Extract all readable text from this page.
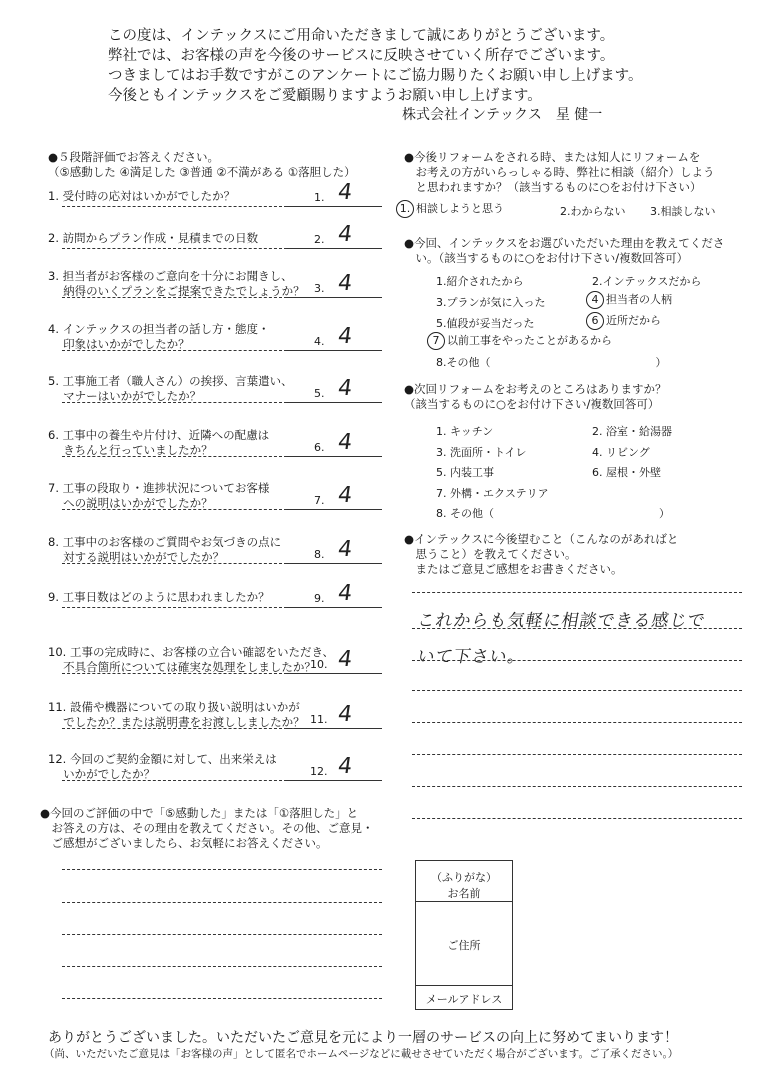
この度は、インテックスにご用命いただきまして誠にありがとうございます。
弊社では、お客様の声を今後のサービスに反映させていく所存でございます。
つきましてはお手数ですがこのアンケートにご協力賜りたくお願い申し上げます。
今後ともインテックスをご愛顧賜りますようお願い申し上げます。
株式会社インテックス　星 健一
●５段階評価でお答えください。
（⑤感動した ④満足した ③普通 ②不満がある ①落胆した）
1. 受付時の応対はいかがでしたか？	1. 4
2. 訪問からプラン作成・見積までの日数	2. 4
3. 担当者がお客様のご意向を十分にお聞きし、
　 納得のいくプランをご提案できたでしょうか？ 3. 4
4. インテックスの担当者の話し方・態度・
　 印象はいかがでしたか？	4. 4
5. 工事施工者（職人さん）の挨拶、言葉遣い、
　 マナーはいかがでしたか？	5. 4
6. 工事中の養生や片付け、近隣への配慮は
　 きちんと行っていましたか？	6. 4
7. 工事の段取り・進捗状況についてお客様
　 への説明はいかがでしたか？	7. 4
8. 工事中のお客様のご質問やお気づきの点に
　 対する説明はいかがでしたか？	8. 4
9. 工事日数はどのように思われましたか？	9. 4
10. 工事の完成時に、お客様の立合い確認をいただき、
　 不具合箇所については確実な処理をしましたか？
10. 4
11. 設備や機器についての取り扱い説明はいかが
　 でしたか？または説明書をお渡ししましたか？ 11. 4
12. 今回のご契約金額に対して、出来栄えは
　 いかがでしたか？	12. 4
●今回のご評価の中で「⑤感動した」または「①落胆した」と
　お答えの方は、その理由を教えてください。その他、ご意見・
　ご感想がございましたら、お気軽にお答えください。
●今後リフォームをされる時、または知人にリフォームを
　お考えの方がいらっしゃる時、弊社に相談（紹介）しよう
　と思われますか？（該当するものに○をお付け下さい）
1. 相談しようと思う	2.わからない 3.相談しない
●今回、インテックスをお選びいただいた理由を教えてくださ
　い。（該当するものに○をお付け下さい/複数回答可）
1.紹介されたから	2.インテックスだから
3.プランが気に入った	4 担当者の人柄
5.値段が妥当だった	6 近所だから
7 以前工事をやったことがあるから
8.その他（　　　　　　　　　　　　　　　）
●次回リフォームをお考えのところはありますか？
（該当するものに○をお付け下さい/複数回答可）
1. キッチン	2. 浴室・給湯器
3. 洗面所・トイレ	4. リビング
5. 内装工事	6. 屋根・外壁
7. 外構・エクステリア
8. その他（　　　　　　　　　　　　　　　）
●インテックスに今後望むこと（こんなのがあればと
　思うこと）を教えてください。
　またはご意見ご感想をお書きください。
これからも気軽に相談できる感じで
いて下さい。
（ふりがな）
お名前
ご住所
メールアドレス
ありがとうございました。いただいたご意見を元により一層のサービスの向上に努めてまいります！
（尚、いただいたご意見は「お客様の声」として匿名でホームページなどに載せさせていただく場合がございます。ご了承ください。）
